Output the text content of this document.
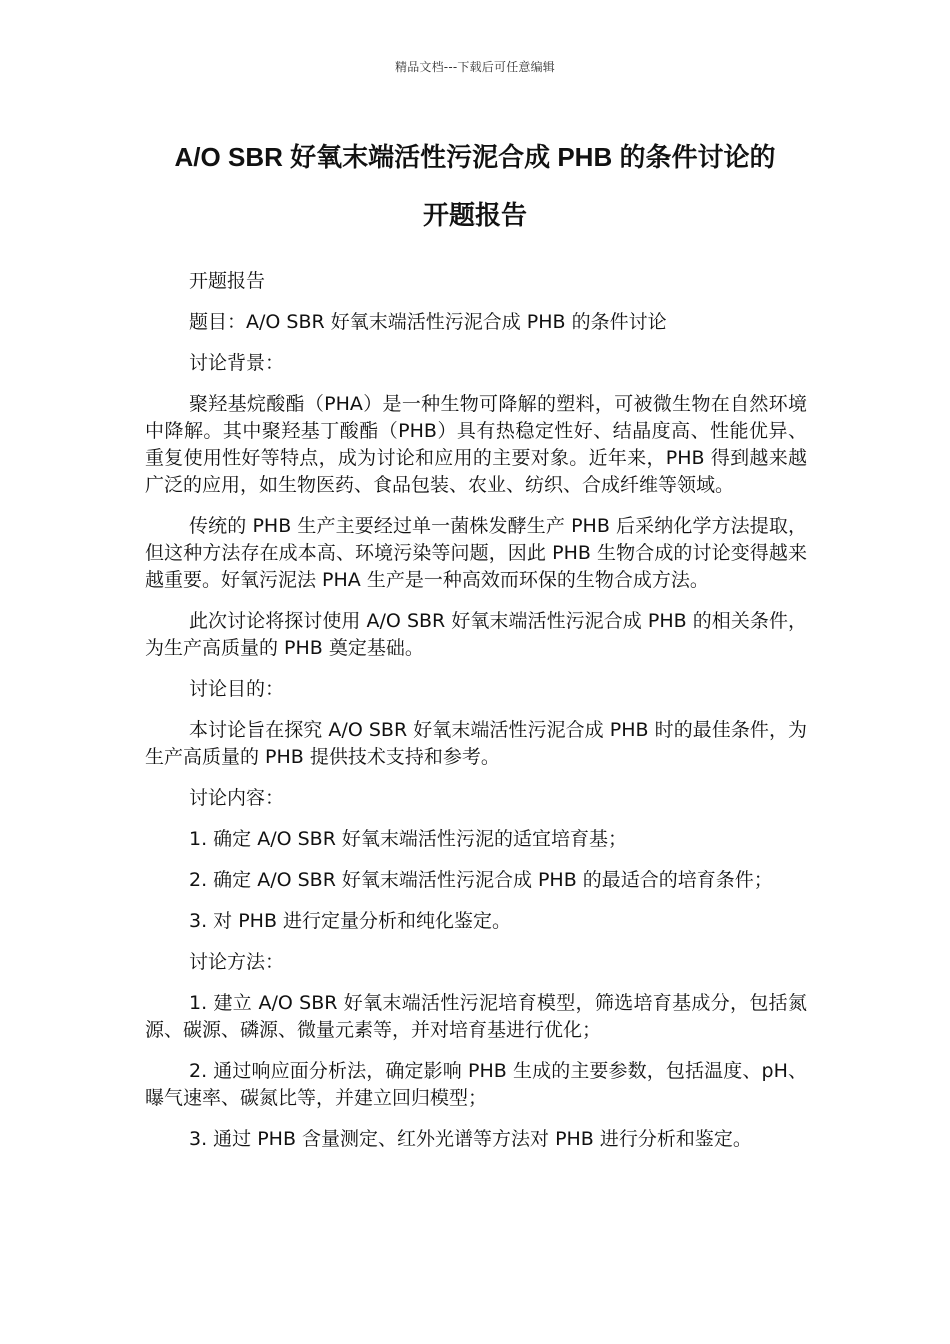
精品文档---下载后可任意编辑
A/O SBR 好氧末端活性污泥合成 PHB 的条件讨论的
开题报告

开题报告

题目：A/O SBR 好氧末端活性污泥合成 PHB 的条件讨论

讨论背景：

聚羟基烷酸酯（PHA）是一种生物可降解的塑料，可被微生物在自然环境中降解。其中聚羟基丁酸酯（PHB）具有热稳定性好、结晶度高、性能优异、重复使用性好等特点，成为讨论和应用的主要对象。近年来，PHB 得到越来越广泛的应用，如生物医药、食品包装、农业、纺织、合成纤维等领域。

传统的 PHB 生产主要经过单一菌株发酵生产 PHB 后采纳化学方法提取，但这种方法存在成本高、环境污染等问题，因此 PHB 生物合成的讨论变得越来越重要。好氧污泥法 PHA 生产是一种高效而环保的生物合成方法。

此次讨论将探讨使用 A/O SBR 好氧末端活性污泥合成 PHB 的相关条件，为生产高质量的 PHB 奠定基础。

讨论目的：

本讨论旨在探究 A/O SBR 好氧末端活性污泥合成 PHB 时的最佳条件，为生产高质量的 PHB 提供技术支持和参考。

讨论内容：

1. 确定 A/O SBR 好氧末端活性污泥的适宜培育基；

2. 确定 A/O SBR 好氧末端活性污泥合成 PHB 的最适合的培育条件；

3. 对 PHB 进行定量分析和纯化鉴定。

讨论方法：

1. 建立 A/O SBR 好氧末端活性污泥培育模型，筛选培育基成分，包括氮源、碳源、磷源、微量元素等，并对培育基进行优化；

2. 通过响应面分析法，确定影响 PHB 生成的主要参数，包括温度、pH、曝气速率、碳氮比等，并建立回归模型；

3. 通过 PHB 含量测定、红外光谱等方法对 PHB 进行分析和鉴定。
